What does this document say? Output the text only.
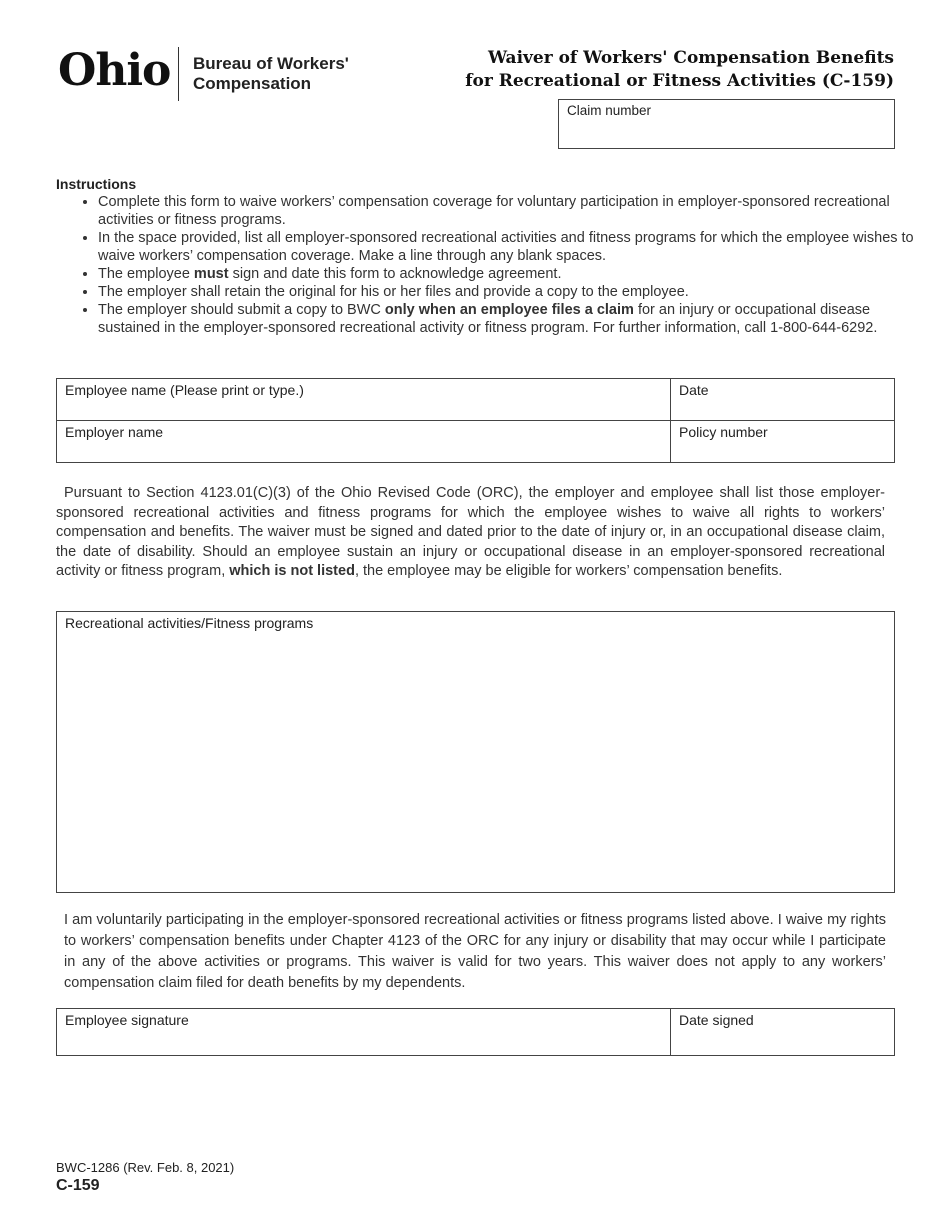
Ohio Bureau of Workers'
Compensation
Waiver of Workers' Compensation Benefits
for Recreational or Fitness Activities (C-159)
Claim number
Instructions
• Complete this form to waive workers’ compensation coverage for voluntary participation in employer-sponsored recreational activities or fitness programs.
• In the space provided, list all employer-sponsored recreational activities and fitness programs for which the employee wishes to waive workers’ compensation coverage. Make a line through any blank spaces.
• The employee must sign and date this form to acknowledge agreement.
• The employer shall retain the original for his or her files and provide a copy to the employee.
• The employer should submit a copy to BWC only when an employee files a claim for an injury or occupational disease sustained in the employer-sponsored recreational activity or fitness program. For further information, call 1-800-644-6292.
Employee name (Please print or type.)	Date
Employer name	Policy number
Pursuant to Section 4123.01(C)(3) of the Ohio Revised Code (ORC), the employer and employee shall list those employer-sponsored recreational activities and fitness programs for which the employee wishes to waive all rights to workers’ compensation and benefits. The waiver must be signed and dated prior to the date of injury or, in an occupational disease claim, the date of disability. Should an employee sustain an injury or occupational disease in an employer-sponsored recreational activity or fitness program, which is not listed, the employee may be eligible for workers’ compensation benefits.
Recreational activities/Fitness programs
I am voluntarily participating in the employer-sponsored recreational activities or fitness programs listed above. I waive my rights to workers’ compensation benefits under Chapter 4123 of the ORC for any injury or disability that may occur while I participate in any of the above activities or programs. This waiver is valid for two years. This waiver does not apply to any workers’ compensation claim filed for death benefits by my dependents.
Employee signature	Date signed
BWC-1286 (Rev. Feb. 8, 2021)
C-159
